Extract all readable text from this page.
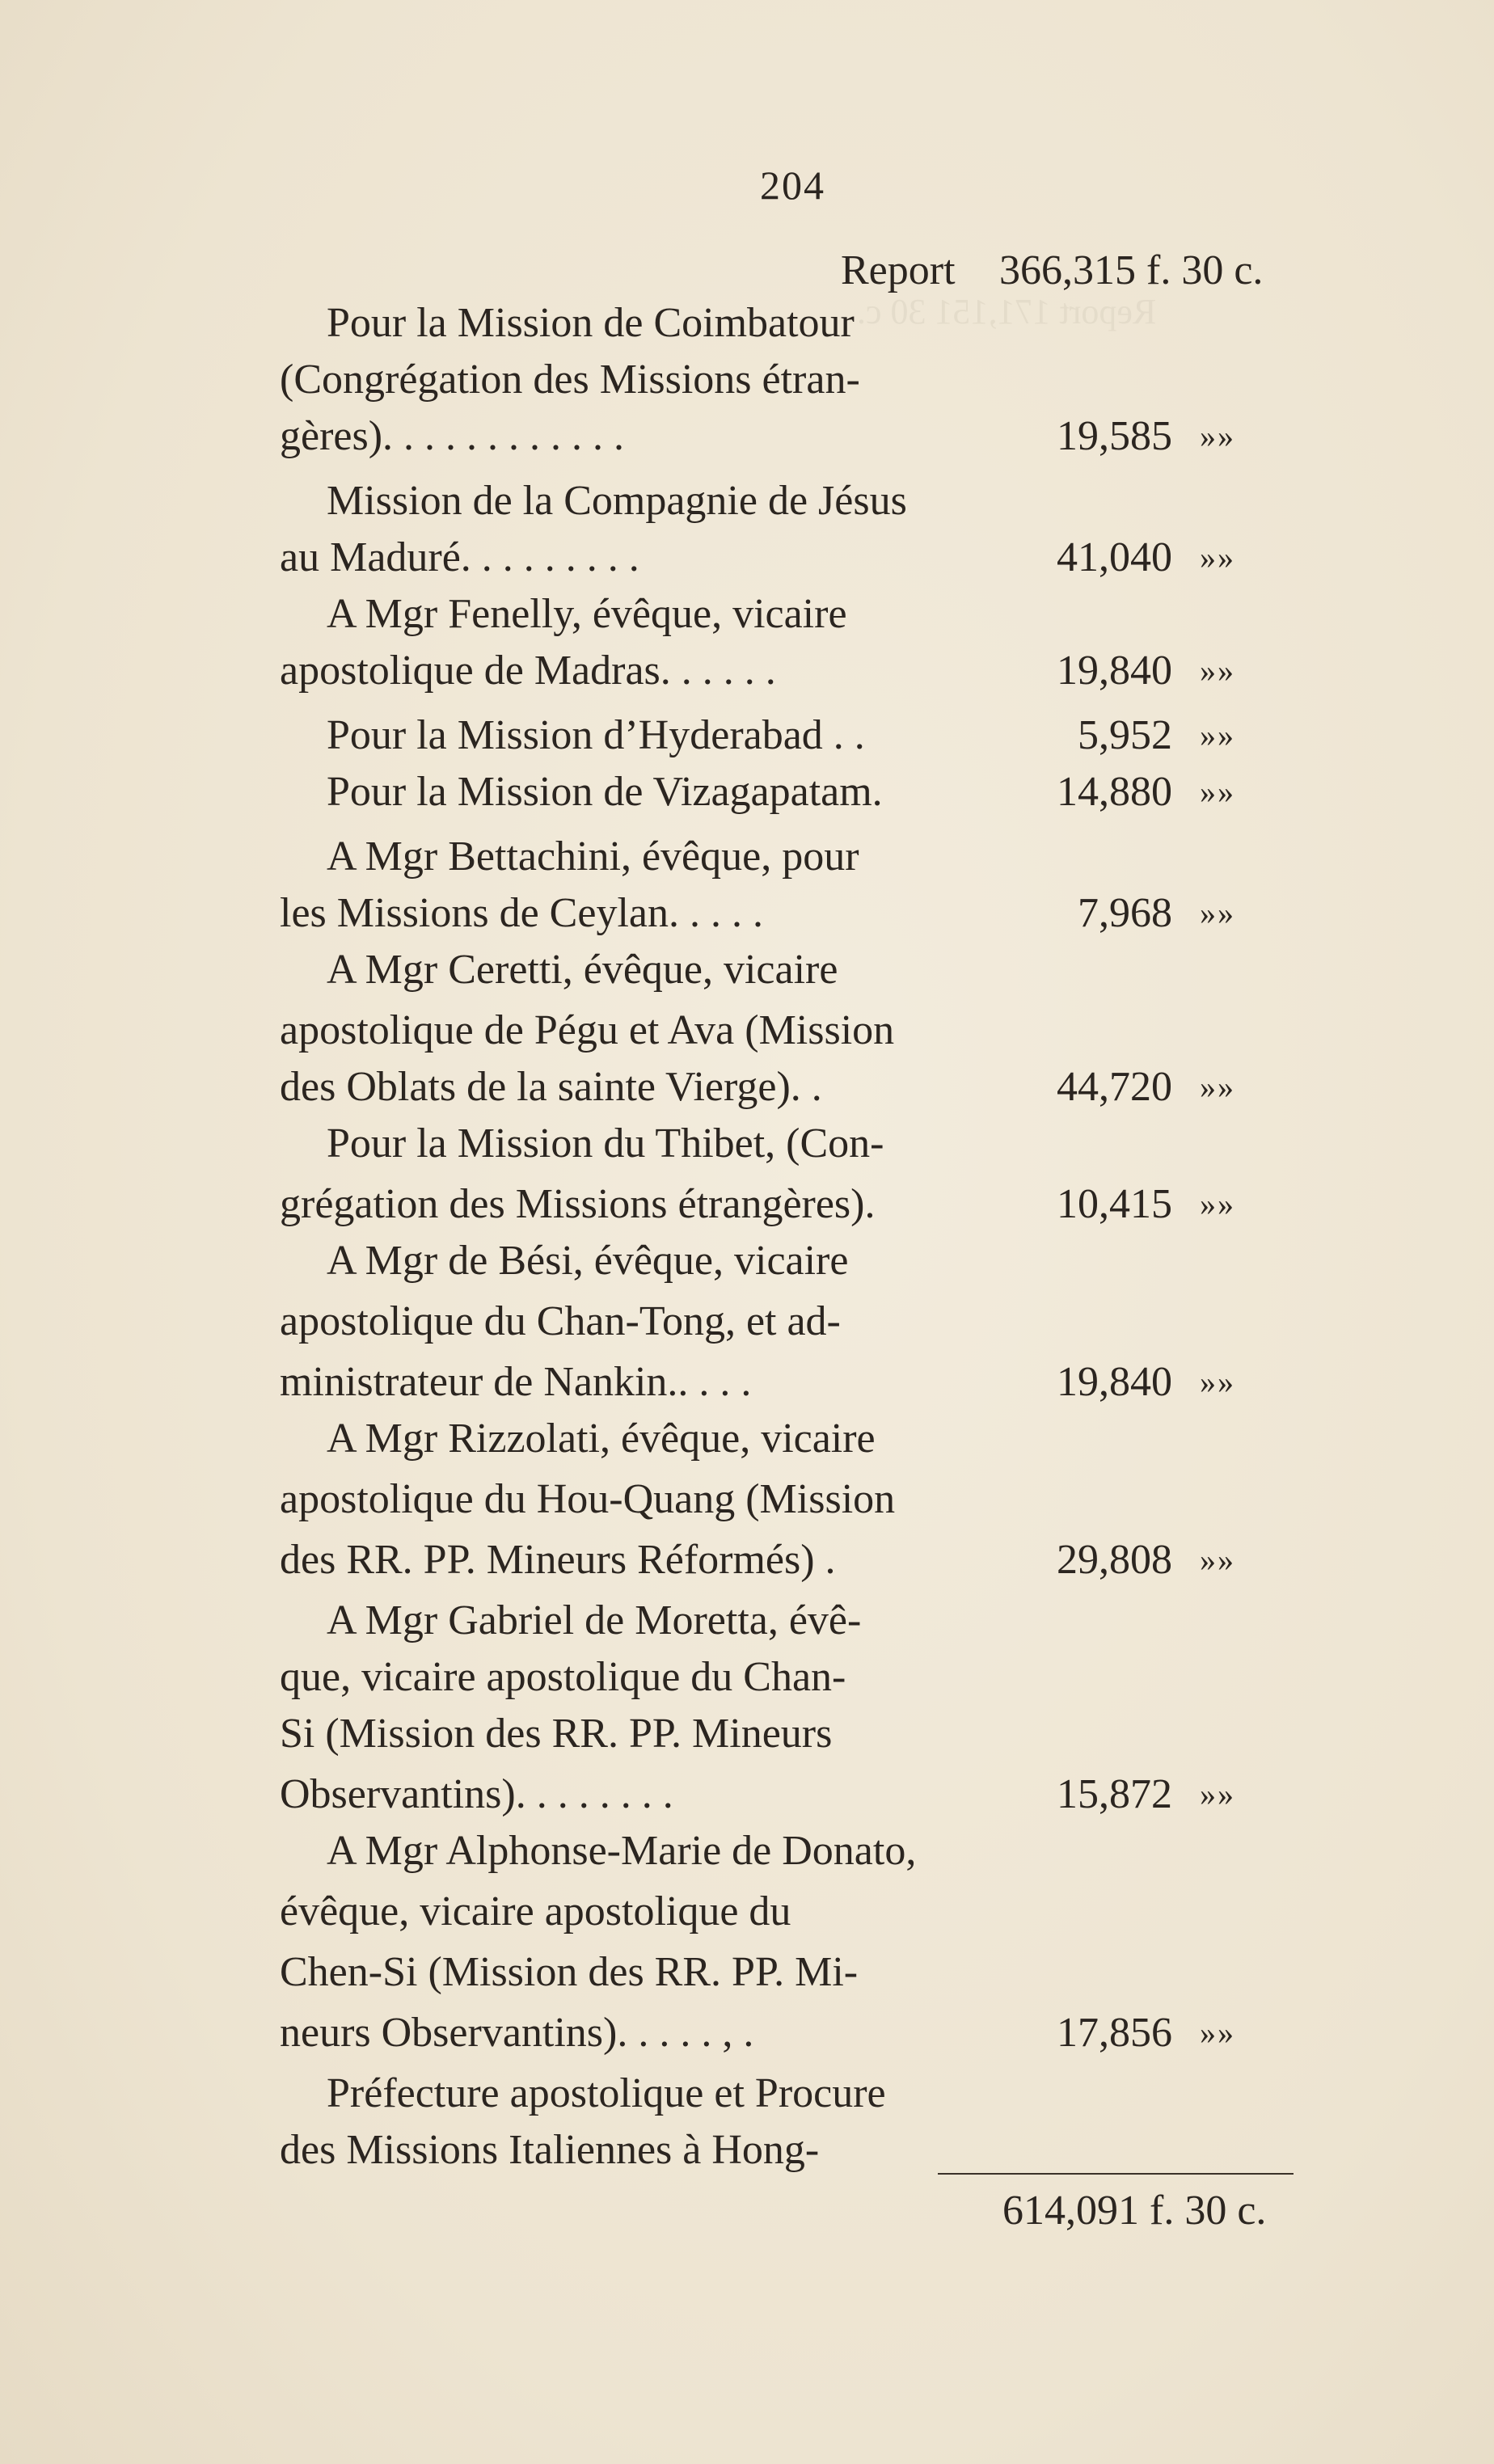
Report 171,151 30 c.
204
Report	366,315 f. 30 c.
Pour la Mission de Coimbatour
(Congrégation des Missions étran-
gères). . . . . . . . . . . .	19,585 »»
Mission de la Compagnie de Jésus
au Maduré. . . . . . . . .	41,040 »»
A Mgr Fenelly, évêque, vicaire
apostolique de Madras. . . . . .	19,840 »»
Pour la Mission d’Hyderabad . .	5,952 »»
Pour la Mission de Vizagapatam.	14,880 »»
A Mgr Bettachini, évêque, pour
les Missions de Ceylan. . . . .	7,968 »»
A Mgr Ceretti, évêque, vicaire
apostolique de Pégu et Ava (Mission
des Oblats de la sainte Vierge). .	44,720 »»
Pour la Mission du Thibet, (Con-
grégation des Missions étrangères).	10,415 »»
A Mgr de Bési, évêque, vicaire
apostolique du Chan-Tong, et ad-
ministrateur de Nankin.. . . .	19,840 »»
A Mgr Rizzolati, évêque, vicaire
apostolique du Hou-Quang (Mission
des RR. PP. Mineurs Réformés) .	29,808 »»
A Mgr Gabriel de Moretta, évê-
que, vicaire apostolique du Chan-
Si (Mission des RR. PP. Mineurs
Observantins). . . . . . . .	15,872 »»
A Mgr Alphonse-Marie de Donato,
évêque, vicaire apostolique du
Chen-Si (Mission des RR. PP. Mi-
neurs Observantins). . . . . , .	17,856 »»
Préfecture apostolique et Procure
des Missions Italiennes à Hong-
614,091 f. 30 c.
